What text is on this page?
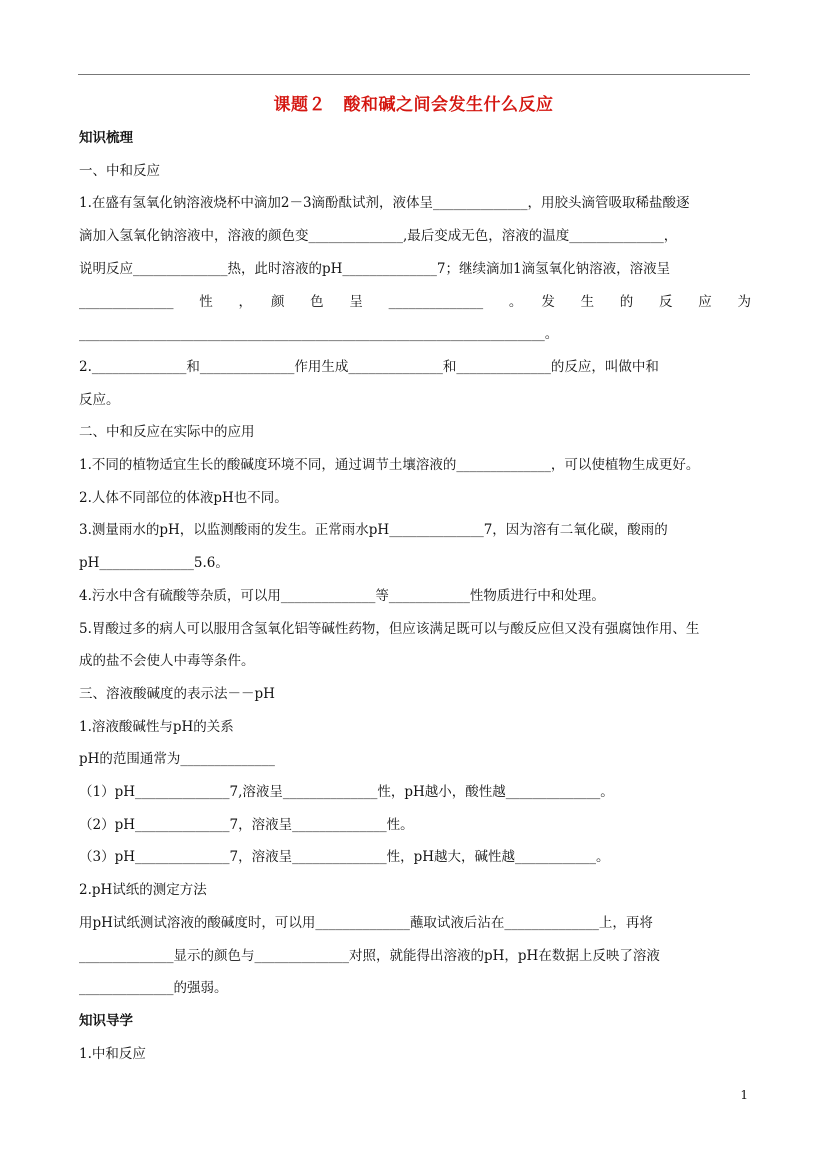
课题２　酸和碱之间会发生什么反应

知识梳理

一、中和反应

1.在盛有氢氧化钠溶液烧杯中滴加2－3滴酚酞试剂，液体呈______________，用胶头滴管吸取稀盐酸逐

滴加入氢氧化钠溶液中，溶液的颜色变______________,最后变成无色，溶液的温度______________，

说明反应______________热，此时溶液的pH______________7；继续滴加1滴氢氧化钠溶液，溶液呈

______________　性　，　颜　色　呈　______________　。　发　生　的　反　应　为

_____________________________________________________________________。

2.______________和______________作用生成______________和______________的反应，叫做中和

反应。

二、中和反应在实际中的应用

1.不同的植物适宜生长的酸碱度环境不同，通过调节土壤溶液的______________，可以使植物生成更好。

2.人体不同部位的体液pH也不同。

3.测量雨水的pH，以监测酸雨的发生。正常雨水pH______________7，因为溶有二氧化碳，酸雨的

pH______________5.6。

4.污水中含有硫酸等杂质，可以用______________等____________性物质进行中和处理。

5.胃酸过多的病人可以服用含氢氧化铝等碱性药物，但应该满足既可以与酸反应但又没有强腐蚀作用、生

成的盐不会使人中毒等条件。

三、溶液酸碱度的表示法－－pH

1.溶液酸碱性与pH的关系

pH的范围通常为______________

（1）pH______________7,溶液呈______________性，pH越小，酸性越______________。

（2）pH______________7，溶液呈______________性。

（3）pH______________7，溶液呈______________性，pH越大，碱性越____________。

2.pH试纸的测定方法

用pH试纸测试溶液的酸碱度时，可以用______________蘸取试液后沾在______________上，再将

______________显示的颜色与______________对照，就能得出溶液的pH，pH在数据上反映了溶液

______________的强弱。

知识导学

1.中和反应

1
